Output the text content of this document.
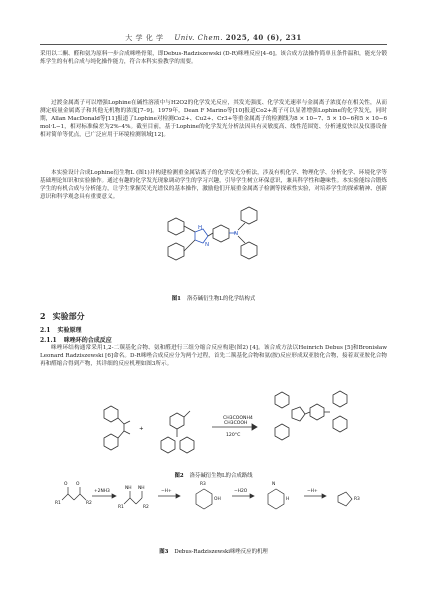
大 学 化 学 Univ. Chem. 2025, 40 (6), 231

采用以二酮、醛和氨为原料一步合成咪唑骨架，即Debus-Radziszewski (D-R)咪唑反应[4–6]。该合成方法操作简单且条件温和，能充分锻炼学生的有机合成与纯化操作能力，符合本科实验教学的需要。

过渡金属离子可以增强Lophine在碱性溶液中与H2O2的化学发光反应，其发光强度、化学发光速率与金属离子浓度存在相关性，从而测定痕量金属离子和其他无机物的浓度[7–9]。1979年，Dean F Marino等[10]报道Co2+离子可以显著增强Lophine的化学发光，同时期，Allan MacDonald等[11]报道了Lophine对检测Co2+、Cu2+、Cr3+等重金属离子的检测线为8 × 10−7、5 × 10−6和5 × 10−6 mol·L−1，相对标准偏差为2%–4%。截至目前，基于Lophine的化学发光分析法因具有灵敏度高、线性范围宽、分析速度快以及仪器设备相对简单等优点，已广泛应用于环境检测领域[12]。

本实验设计合成Lophine衍生物L (图1)并构建检测重金属钴离子的化学发光分析法，涉及有机化学、物理化学、分析化学、环境化学等基础理论知识和实验操作。通过有趣的化学发光现象调动学生的学习兴趣，引导学生树立环保意识，兼具科学性和趣味性。本实验能综合锻炼学生的有机合成与分析能力，让学生掌握荧光光谱仪的基本操作，激励他们开展重金属离子检测等探索性实验，对培养学生的探索精神、创新意识和科学观念具有重要意义。

H
N
N
图1 洛芬碱衍生物L的化学结构式
2 实验部分
2.1 实验原理
2.1.1 咪唑环的合成反应

咪唑环结构通常采用1,2-二羰基化合物、氨和醛进行三组分缩合反应构建(图2) [4]。该合成方法以Heinrich Debus [5]和Bronisław Leonard Radziszewski [6]命名。D-R咪唑合成反应分为两个过程，首先二羰基化合物和氨(胺)反应形成双亚胺化合物，接着双亚胺化合物再和醛缩合得到产物，其详细的反应机理如图3所示。

+
CH3COONH4
CH3COOH
120°C
图2 洛芬碱衍生物L的合成路线
R1	R2
O O
+2NH3
R1
NH NH
R2
−H+
R3
OH
−H2O
N
H
−H+
R3
图3 Debus-Radziszewski咪唑反应的机理
